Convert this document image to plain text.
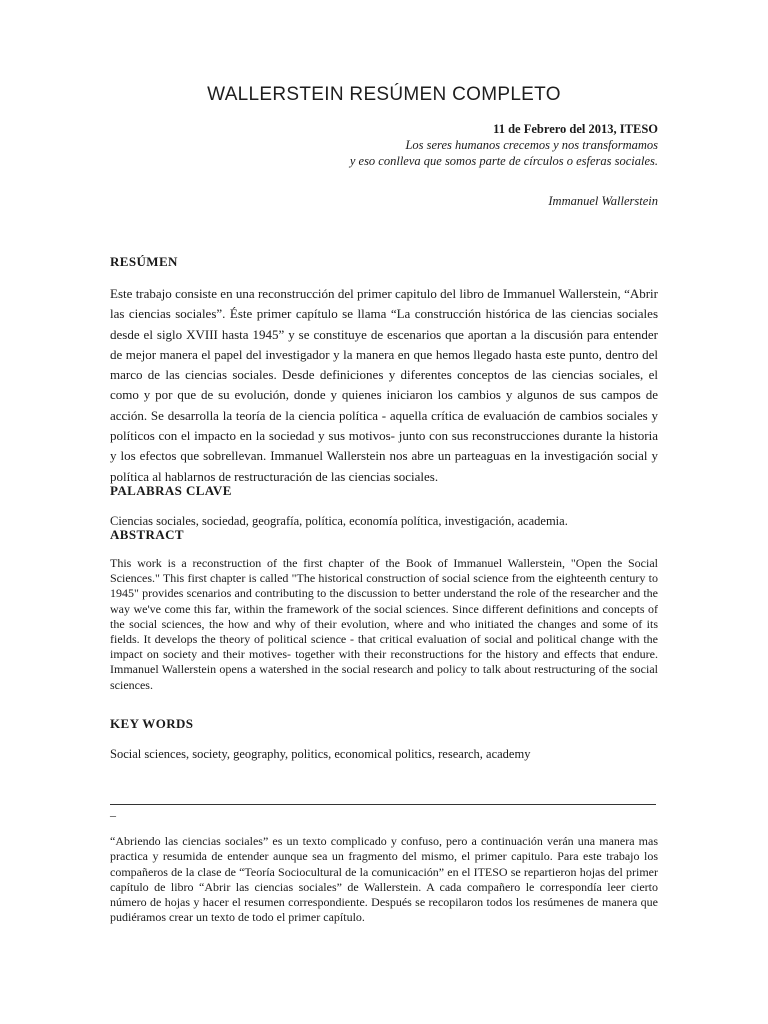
WALLERSTEIN RESÚMEN COMPLETO
11 de Febrero del 2013, ITESO
Los seres humanos crecemos y nos transformamos
y eso conlleva que somos parte de círculos o esferas sociales.
Immanuel Wallerstein
RESÚMEN

Este trabajo consiste en una reconstrucción del primer capitulo del libro de Immanuel Wallerstein, “Abrir las ciencias sociales”. Éste primer capítulo se llama “La construcción histórica de las ciencias sociales desde el siglo XVIII hasta 1945” y se constituye de escenarios que aportan a la discusión para entender de mejor manera el papel del investigador y la manera en que hemos llegado hasta este punto, dentro del marco de las ciencias sociales. Desde definiciones y diferentes conceptos de las ciencias sociales, el como y por que de su evolución, donde y quienes iniciaron los cambios y algunos de sus campos de acción. Se desarrolla la teoría de la ciencia política - aquella crítica de evaluación de cambios sociales y políticos con el impacto en la sociedad y sus motivos- junto con sus reconstrucciones durante la historia y los efectos que sobrellevan. Immanuel Wallerstein nos abre un parteaguas en la investigación social y política al hablarnos de restructuración de las ciencias sociales.

PALABRAS CLAVE

Ciencias sociales, sociedad, geografía, política, economía política, investigación, academia.

ABSTRACT

This work is a reconstruction of the first chapter of the Book of Immanuel Wallerstein, "Open the Social Sciences." This first chapter is called "The historical construction of social science from the eighteenth century to 1945" provides scenarios and contributing to the discussion to better understand the role of the researcher and the way we've come this far, within the framework of the social sciences. Since different definitions and concepts of the social sciences, the how and why of their evolution, where and who initiated the changes and some of its fields. It develops the theory of political science - that critical evaluation of social and political change with the impact on society and their motives- together with their reconstructions for the history and effects that endure. Immanuel Wallerstein opens a watershed in the social research and policy to talk about restructuring of the social sciences.

KEY WORDS

Social sciences, society, geography, politics, economical politics, research, academy

–

“Abriendo las ciencias sociales” es un texto complicado y confuso, pero a continuación verán una manera mas practica y resumida de entender aunque sea un fragmento del mismo, el primer capitulo. Para este trabajo los compañeros de la clase de “Teoría Sociocultural de la comunicación” en el ITESO se repartieron hojas del primer capítulo de libro “Abrir las ciencias sociales” de Wallerstein. A cada compañero le correspondía leer cierto número de hojas y hacer el resumen correspondiente. Después se recopilaron todos los resúmenes de manera que pudiéramos crear un texto de todo el primer capítulo.
